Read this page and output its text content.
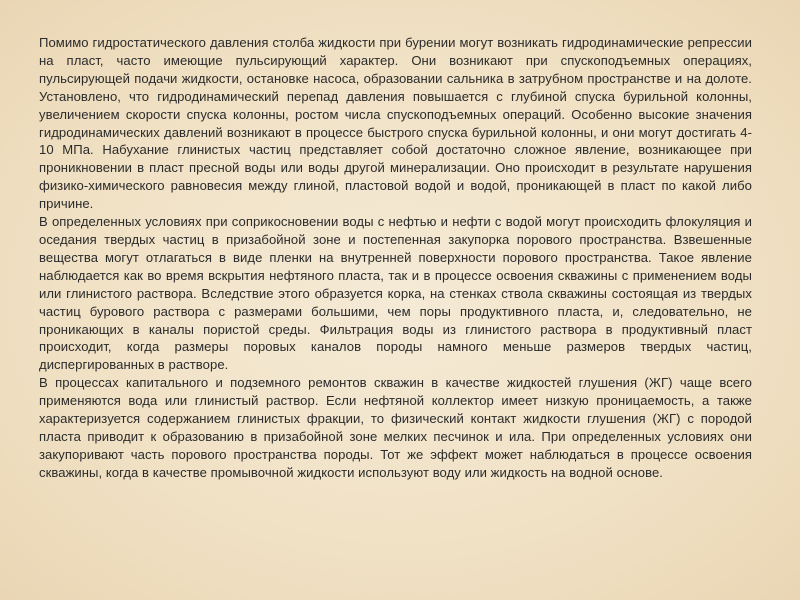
Помимо гидростатического давления столба жидкости при бурении могут возникать гидродинамические репрессии на пласт, часто имеющие пульсирующий характер. Они возникают при спускоподъемных операциях, пульсирующей подачи жидкости, остановке насоса, образовании сальника в затрубном пространстве и на долоте. Установлено, что гидродинамический перепад давления повышается с глубиной спуска бурильной колонны, увеличением скорости спуска колонны, ростом числа спускоподъемных операций. Особенно высокие значения гидродинамических давлений возникают в процессе быстрого спуска бурильной колонны, и они могут достигать 4-10 МПа. Набухание глинистых частиц представляет собой достаточно сложное явление, возникающее при проникновении в пласт пресной воды или воды другой минерализации. Оно происходит в результате нарушения физико-химического равновесия между глиной, пластовой водой и водой, проникающей в пласт по какой либо причине.

В определенных условиях при соприкосновении воды с нефтью и нефти с водой могут происходить флокуляция и оседания твердых частиц в призабойной зоне и постепенная закупорка порового пространства. Взвешенные вещества могут отлагаться в виде пленки на внутренней поверхности порового пространства. Такое явление наблюдается как во время вскрытия нефтяного пласта, так и в процессе освоения скважины с применением воды или глинистого раствора. Вследствие этого образуется корка, на стенках ствола скважины состоящая из твердых частиц бурового раствора с размерами большими, чем поры продуктивного пласта, и, следовательно, не проникающих в каналы пористой среды. Фильтрация воды из глинистого раствора в продуктивный пласт происходит, когда размеры поровых каналов породы намного меньше размеров твердых частиц, диспергированных в растворе.

В процессах капитального и подземного ремонтов скважин в качестве жидкостей глушения (ЖГ) чаще всего применяются вода или глинистый раствор. Если нефтяной коллектор имеет низкую проницаемость, а также характеризуется содержанием глинистых фракции, то физический контакт жидкости глушения (ЖГ) с породой пласта приводит к образованию в призабойной зоне мелких песчинок и ила. При определенных условиях они закупоривают часть порового пространства породы. Тот же эффект может наблюдаться в процессе освоения скважины, когда в качестве промывочной жидкости используют воду или жидкость на водной основе.
